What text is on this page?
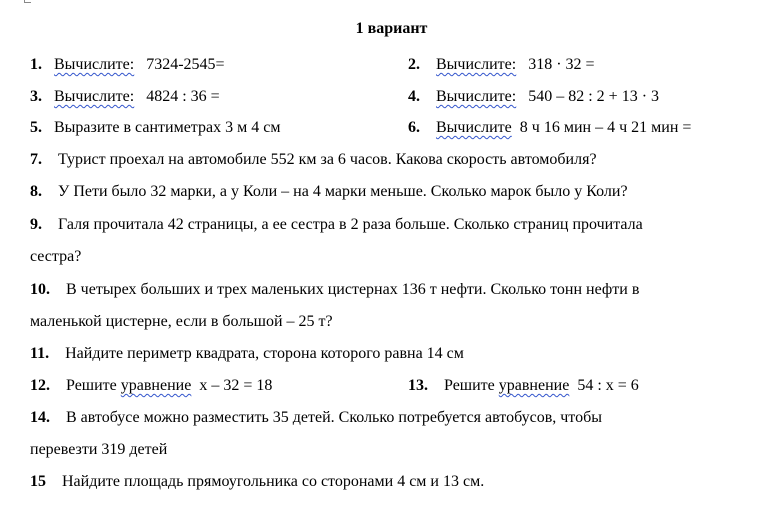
1 вариант
1. Вычислите: 7324-2545=	2. Вычислите: 318 · 32 =
3. Вычислите: 4824 : 36 =	4. Вычислите: 540 – 82 : 2 + 13 · 3
5. Выразите в сантиметрах 3 м 4 см	6. Вычислите 8 ч 16 мин – 4 ч 21 мин =
7. Турист проехал на автомобиле 552 км за 6 часов. Какова скорость автомобиля?
8. У Пети было 32 марки, а у Коли – на 4 марки меньше. Сколько марок было у Коли?
9. Галя прочитала 42 страницы, а ее сестра в 2 раза больше. Сколько страниц прочитала
сестра?
10. В четырех больших и трех маленьких цистернах 136 т нефти. Сколько тонн нефти в
маленькой цистерне, если в большой – 25 т?
11. Найдите периметр квадрата, сторона которого равна 14 см
12. Решите уравнение х – 32 = 18	13. Решите уравнение 54 : х = 6
14. В автобусе можно разместить 35 детей. Сколько потребуется автобусов, чтобы
перевезти 319 детей
15 Найдите площадь прямоугольника со сторонами 4 см и 13 см.
